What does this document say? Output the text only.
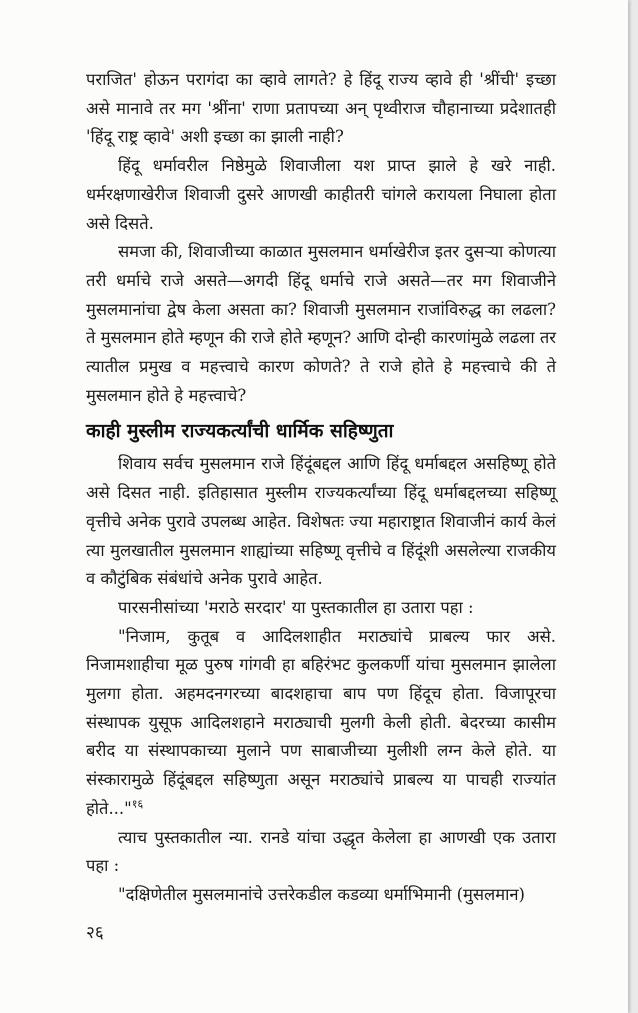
पराजित' होऊन परागंदा का व्हावे लागते? हे हिंदू राज्य व्हावे ही 'श्रींची' इच्छा असे मानावे तर मग 'श्रींना' राणा प्रतापच्या अन् पृथ्वीराज चौहानाच्या प्रदेशातही 'हिंदू राष्ट्र व्हावे' अशी इच्छा का झाली नाही?

हिंदू धर्मावरील निष्ठेमुळे शिवाजीला यश प्राप्त झाले हे खरे नाही. धर्मरक्षणाखेरीज शिवाजी दुसरे आणखी काहीतरी चांगले करायला निघाला होता असे दिसते.

समजा की, शिवाजीच्या काळात मुसलमान धर्माखेरीज इतर दुसऱ्या कोणत्या तरी धर्माचे राजे असते—अगदी हिंदू धर्माचे राजे असते—तर मग शिवाजीने मुसलमानांचा द्वेष केला असता का? शिवाजी मुसलमान राजांविरुद्ध का लढला? ते मुसलमान होते म्हणून की राजे होते म्हणून? आणि दोन्ही कारणांमुळे लढला तर त्यातील प्रमुख व महत्त्वाचे कारण कोणते? ते राजे होते हे महत्त्वाचे की ते मुसलमान होते हे महत्त्वाचे?

काही मुस्लीम राज्यकर्त्यांची धार्मिक सहिष्णुता

शिवाय सर्वच मुसलमान राजे हिंदूंबद्दल आणि हिंदू धर्माबद्दल असहिष्णू होते असे दिसत नाही. इतिहासात मुस्लीम राज्यकर्त्यांच्या हिंदू धर्माबद्दलच्या सहिष्णू वृत्तीचे अनेक पुरावे उपलब्ध आहेत. विशेषतः ज्या महाराष्ट्रात शिवाजीनं कार्य केलं त्या मुलखातील मुसलमान शाह्यांच्या सहिष्णू वृत्तीचे व हिंदूंशी असलेल्या राजकीय व कौटुंबिक संबंधांचे अनेक पुरावे आहेत.

पारसनीसांच्या 'मराठे सरदार' या पुस्तकातील हा उतारा पहा :

"निजाम, कुतूब व आदिलशाहीत मराठ्यांचे प्राबल्य फार असे. निजामशाहीचा मूळ पुरुष गांगवी हा बहिरंभट कुलकर्णी यांचा मुसलमान झालेला मुलगा होता. अहमदनगरच्या बादशहाचा बाप पण हिंदूच होता. विजापूरचा संस्थापक युसूफ आदिलशहाने मराठ्याची मुलगी केली होती. बेदरच्या कासीम बरीद या संस्थापकाच्या मुलाने पण साबाजीच्या मुलीशी लग्न केले होते. या संस्कारामुळे हिंदूंबद्दल सहिष्णुता असून मराठ्यांचे प्राबल्य या पाचही राज्यांत होते..."$^{१६}$

त्याच पुस्तकातील न्या. रानडे यांचा उद्धृत केलेला हा आणखी एक उतारा पहा :

"दक्षिणेतील मुसलमानांचे उत्तरेकडील कडव्या धर्माभिमानी (मुसलमान)

२६
